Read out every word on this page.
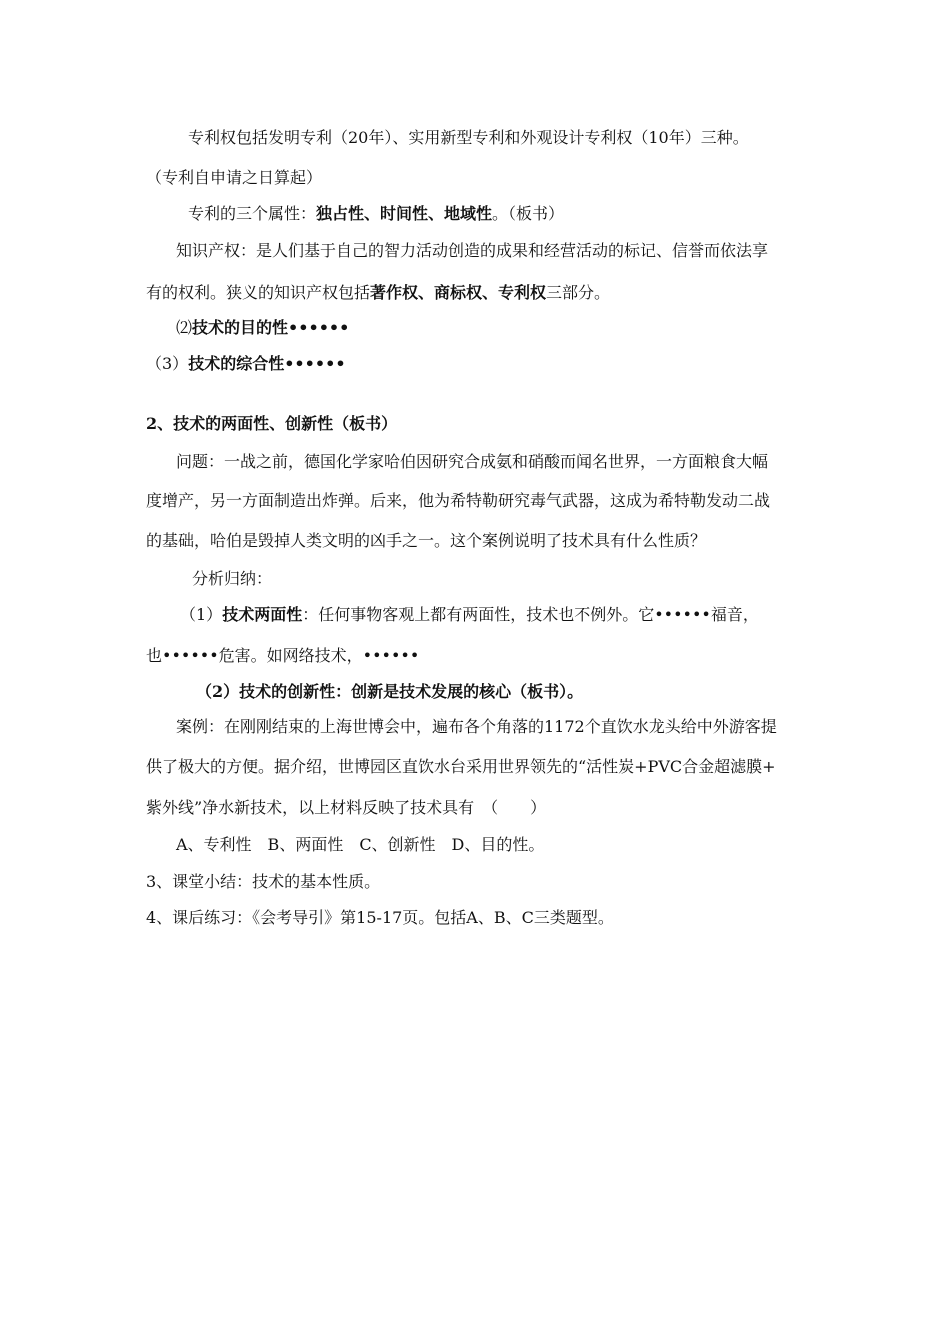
专利权包括发明专利（20年）、实用新型专利和外观设计专利权（10年）三种。
（专利自申请之日算起）
专利的三个属性：独占性、时间性、地域性。（板书）
知识产权：是人们基于自己的智力活动创造的成果和经营活动的标记、信誉而依法享
有的权利。狭义的知识产权包括著作权、商标权、专利权三部分。
⑵技术的目的性••••••
（3）技术的综合性••••••
2、技术的两面性、创新性（板书）
问题：一战之前，德国化学家哈伯因研究合成氨和硝酸而闻名世界，一方面粮食大幅
度增产，另一方面制造出炸弹。后来，他为希特勒研究毒气武器，这成为希特勒发动二战
的基础，哈伯是毁掉人类文明的凶手之一。这个案例说明了技术具有什么性质？
分析归纳：
（1）技术两面性：任何事物客观上都有两面性，技术也不例外。它••••••福音，
也••••••危害。如网络技术，••••••
（2）技术的创新性：创新是技术发展的核心（板书）。
案例：在刚刚结束的上海世博会中，遍布各个角落的1172个直饮水龙头给中外游客提
供了极大的方便。据介绍，世博园区直饮水台采用世界领先的“活性炭+PVC合金超滤膜+
紫外线”净水新技术，以上材料反映了技术具有　（　　）
A、专利性　B、两面性　C、创新性　D、目的性。
3、课堂小结：技术的基本性质。
4、课后练习：《会考导引》第15-17页。包括A、B、C三类题型。
